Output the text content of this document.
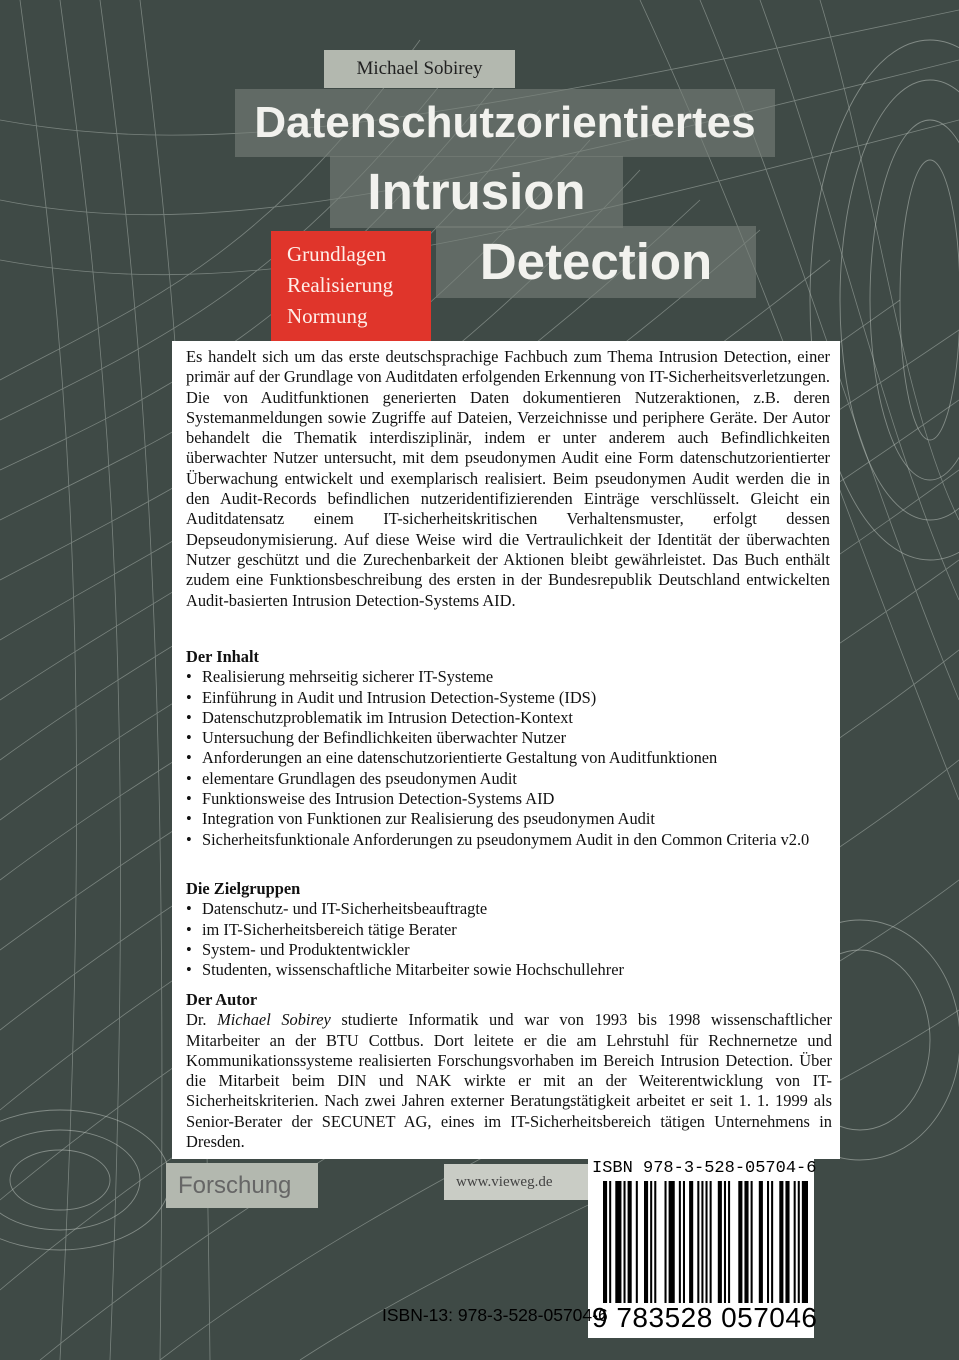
Michael Sobirey
Datenschutzorientiertes
Intrusion
Detection
Grundlagen
Realisierung
Normung
Es handelt sich um das erste deutschsprachige Fachbuch zum Thema Intrusion Detection, einer primär auf der Grundlage von Auditdaten erfolgenden Erkennung von IT-Sicherheitsverletzungen. Die von Auditfunktionen generierten Daten dokumentieren Nutzeraktionen, z.B. deren Systemanmeldungen sowie Zugriffe auf Dateien, Verzeichnisse und periphere Geräte. Der Autor behandelt die Thematik interdisziplinär, indem er unter anderem auch Befindlichkeiten überwachter Nutzer untersucht, mit dem pseudonymen Audit eine Form datenschutzorientierter Überwachung entwickelt und exemplarisch realisiert. Beim pseudonymen Audit werden die in den Audit-Records befindlichen nutzeridentifizierenden Einträge verschlüsselt. Gleicht ein Auditdatensatz einem IT-sicherheitskritischen Verhaltensmuster, erfolgt dessen Depseudonymisierung. Auf diese Weise wird die Vertraulichkeit der Identität der überwachten Nutzer geschützt und die Zurechenbarkeit der Aktionen bleibt gewährleistet. Das Buch enthält zudem eine Funktionsbeschreibung des ersten in der Bundesrepublik Deutschland entwickelten Audit-basierten Intrusion Detection-Systems AID.
Der Inhalt
• Realisierung mehrseitig sicherer IT-Systeme
• Einführung in Audit und Intrusion Detection-Systeme (IDS)
• Datenschutzproblematik im Intrusion Detection-Kontext
• Untersuchung der Befindlichkeiten überwachter Nutzer
• Anforderungen an eine datenschutzorientierte Gestaltung von Auditfunktionen
• elementare Grundlagen des pseudonymen Audit
• Funktionsweise des Intrusion Detection-Systems AID
• Integration von Funktionen zur Realisierung des pseudonymen Audit
• Sicherheitsfunktionale Anforderungen zu pseudonymem Audit in den Common Criteria v2.0
Die Zielgruppen
• Datenschutz- und IT-Sicherheitsbeauftragte
• im IT-Sicherheitsbereich tätige Berater
• System- und Produktentwickler
• Studenten, wissenschaftliche Mitarbeiter sowie Hochschullehrer
Der Autor
Dr. Michael Sobirey studierte Informatik und war von 1993 bis 1998 wissenschaftlicher Mitarbeiter an der BTU Cottbus. Dort leitete er die am Lehrstuhl für Rechnernetze und Kommunikationssysteme realisierten Forschungsvorhaben im Bereich Intrusion Detection. Über die Mitarbeit beim DIN und NAK wirkte er mit an der Weiterentwicklung von IT-Sicherheitskriterien. Nach zwei Jahren externer Beratungstätigkeit arbeitet er seit 1. 1. 1999 als Senior-Berater der SECUNET AG, eines im IT-Sicherheitsbereich tätigen Unternehmens in Dresden.
Forschung	www.vieweg.de
ISBN 978-3-528-05704-6
9 783528 057046
ISBN-13: 978-3-528-05704-6
